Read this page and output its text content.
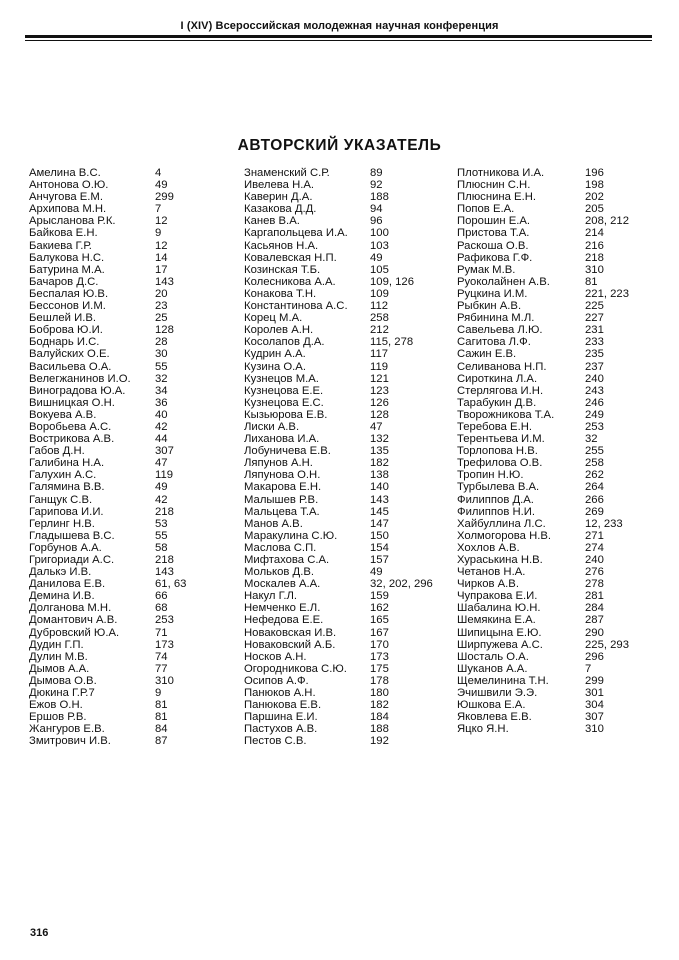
I (XIV) Всероссийская молодежная научная конференция
АВТОРСКИЙ УКАЗАТЕЛЬ
Амелина В.С.	4
Антонова О.Ю.	49
Анчугова Е.М.	299
Архипова М.Н.	7
Арысланова Р.К.	12
Байкова Е.Н.	9
Бакиева Г.Р.	12
Балукова Н.С.	14
Батурина М.А.	17
Бачаров Д.С.	143
Беспалая Ю.В.	20
Бессонов И.М.	23
Бешлей И.В.	25
Боброва Ю.И.	128
Боднарь И.С.	28
Валуйских О.Е.	30
Васильева О.А.	55
Велегжанинов И.О. 32
Виноградова Ю.А.	34
Вишницкая О.Н.	36
Вокуева А.В.	40
Воробьева А.С.	42
Вострикова А.В.	44
Габов Д.Н.	307
Галибина Н.А.	47
Галухин А.С.	119
Галямина В.В.	49
Ганщук С.В.	42
Гарипова И.И.	218
Герлинг Н.В.	53
Гладышева В.С.	55
Горбунов А.А.	58
Григориади А.С.	218
Далькэ И.В.	143
Данилова Е.В.	61, 63
Демина И.В.	66
Долганова М.Н.	68
Домантович А.В.	253
Дубровский Ю.А.	71
Дудин Г.П.	173
Дулин М.В.	74
Дымов А.А.	77
Дымова О.В.	310
Дюкина Г.Р.7	9
Ежов О.Н.	81
Ершов Р.В.	81
Жангуров Е.В.	84
Змитрович И.В.	87
Знаменский С.Р.	89
Ивелева Н.А.	92
Каверин Д.А.	188
Казакова Д.Д.	94
Канев В.А.	96
Каргапольцева И.А. 100
Касьянов Н.А.	103
Ковалевская Н.П.	49
Козинская Т.Б.	105
Колесникова А.А.	109, 126
Конакова Т.Н.	109
Константинова А.С. 112
Корец М.А.	258
Королев А.Н.	212
Косолапов Д.А.	115, 278
Кудрин А.А.	117
Кузина О.А.	119
Кузнецов М.А.	121
Кузнецова Е.Е.	123
Кузнецова Е.С.	126
Кызьюрова Е.В.	128
Лиски А.В.	47
Лиханова И.А.	132
Лобуничева Е.В.	135
Ляпунов А.Н.	182
Ляпунова О.Н.	138
Макарова Е.Н.	140
Малышев Р.В.	143
Мальцева Т.А.	145
Манов А.В.	147
Маракулина С.Ю.	150
Маслова С.П.	154
Мифтахова С.А.	157
Мольков Д.В.	49
Москалев А.А.	32, 202, 296
Накул Г.Л.	159
Немченко Е.Л.	162
Нефедова Е.Е.	165
Новаковская И.В.	167
Новаковский А.Б.	170
Носков А.Н.	173
Огородникова С.Ю. 175
Осипов А.Ф.	178
Панюков А.Н.	180
Панюкова Е.В.	182
Паршина Е.И.	184
Пастухов А.В.	188
Пестов С.В.	192
Плотникова И.А.	196
Плюснин С.Н.	198
Плюснина Е.Н.	202
Попов Е.А.	205
Порошин Е.А.	208, 212
Пристова Т.А.	214
Раскоша О.В.	216
Рафикова Г.Ф.	218
Румак М.В.	310
Руоколайнен А.В.	81
Руцкина И.М.	221, 223
Рыбкин А.В.	225
Рябинина М.Л.	227
Савельева Л.Ю.	231
Сагитова Л.Ф.	233
Сажин Е.В.	235
Селиванова Н.П.	237
Сироткина Л.А.	240
Стерлягова И.Н.	243
Тарабукин Д.В.	246
Творожникова Т.А.	249
Теребова Е.Н.	253
Терентьева И.М.	32
Торлопова Н.В.	255
Трефилова О.В.	258
Тропин Н.Ю.	262
Турбылева В.А.	264
Филиппов Д.А.	266
Филиппов Н.И.	269
Хайбуллина Л.С.	12, 233
Холмогорова Н.В.	271
Хохлов А.В.	274
Хураськина Н.В.	240
Четанов Н.А.	276
Чирков А.В.	278
Чупракова Е.И.	281
Шабалина Ю.Н.	284
Шемякина Е.А.	287
Шипицына Е.Ю.	290
Ширпужева А.С.	225, 293
Шосталь О.А.	296
Шуканов А.А.	7
Щемелинина Т.Н.	299
Эчишвили Э.Э.	301
Юшкова Е.А.	304
Яковлева Е.В.	307
Яцко Я.Н.	310
316
